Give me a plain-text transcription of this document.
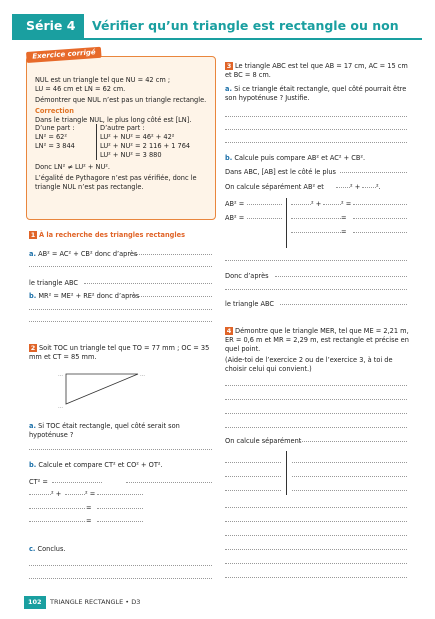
Série 4	Vérifier qu’un triangle est rectangle ou non
Exercice corrigé

NUL est un triangle tel que NU = 42 cm ;
LU = 46 cm et LN = 62 cm.

Démontrer que NUL n’est pas un triangle rectangle.

Correction
Dans le triangle NUL, le plus long côté est [LN].
D’une part :	D’autre part :
LN² = 62²	LU² + NU² = 46² + 42²
LN² = 3 844	LU² + NU² = 2 116 + 1 764

LU² + NU² = 3 880

Donc LN² ≠ LU² + NU².

L’égalité de Pythagore n’est pas vérifiée, donc le triangle NUL n’est pas rectangle.

1 À la recherche des triangles rectangles
a. AB² = AC² + CB² donc d’après
le triangle ABC
b. MR² = ME² + RE² donc d’après
2 Soit TOC un triangle tel que TO = 77 mm ; OC = 35 mm et CT = 85 mm.
…	…
…
a. Si TOC était rectangle, quel côté serait son hypoténuse ?
b. Calcule et compare CT² et CO² + OT².
CT² =
² +	² =
=
=
c. Conclus.
3 Le triangle ABC est tel que AB = 17 cm, AC = 15 cm et BC = 8 cm.
a. Si ce triangle était rectangle, quel côté pourrait être son hypoténuse ? Justifie.
b. Calcule puis compare AB² et AC² + CB².
Dans ABC, [AB] est le côté le plus
On calcule séparément AB² et	² + ².
AB² =
AB² =
² +	² =
=
=
Donc d’après
le triangle ABC
4 Démontre que le triangle MER, tel que ME = 2,21 m, ER = 0,6 m et MR = 2,29 m, est rectangle et précise en quel point.
(Aide-toi de l’exercice 2 ou de l’exercice 3, à toi de choisir celui qui convient.)
On calcule séparément
102	TRIANGLE RECTANGLE • D3
